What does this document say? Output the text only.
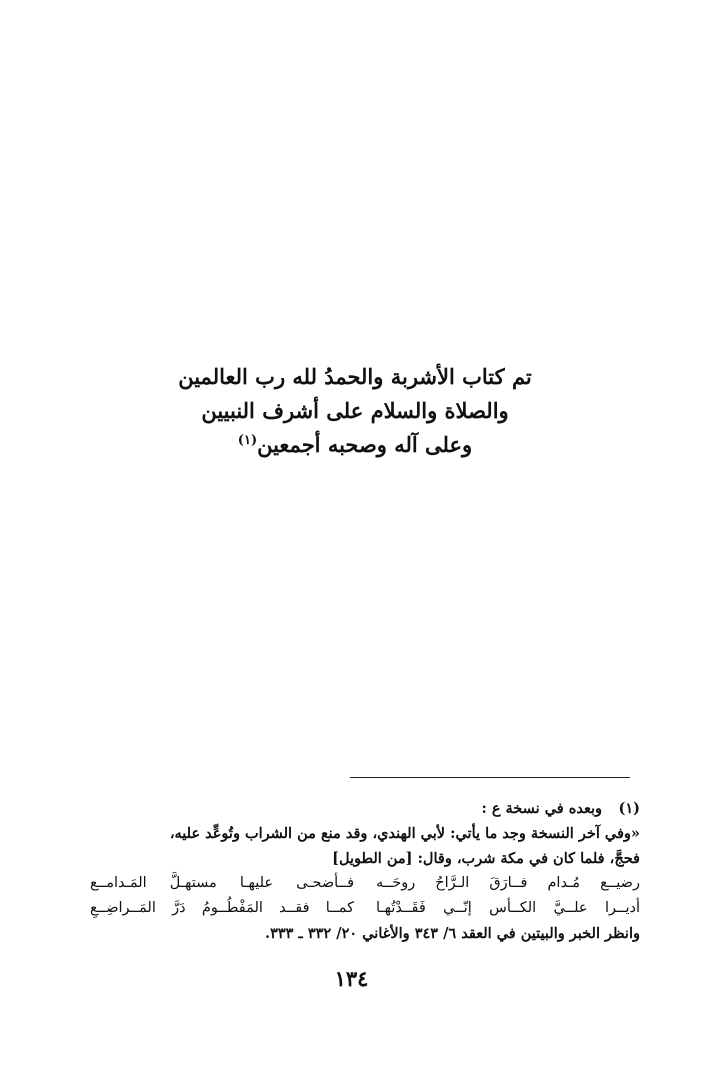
تم كتاب الأشربة والحمدُ لله رب العالمين
والصلاة والسلام على أشرف النبيين
وعلى آله وصحبه أجمعين$^{(١)}$
(١)
وبعده في نسخة ع :
«وفي آخر النسخة وجد ما يأتي: لأبي الهندي، وقد منع من الشراب وتُوعِّد عليه،
فحجَّ، فلما كان في مكة شرب، وقال: [من الطويل]
رضيــع مُـدام فــارَقَ الـرَّاحُ روحَــه
فــأضحـى عليهـا مستهـلَّ المَـدامــع
أديــرا علــيَّ الكــأس إنّــي فَقَــدْتُهـا
كمــا فقــد المَفْطُــومُ دَرَّ المَــراضِــعِ
وانظر الخبر والبيتين في العقد ٦/ ٣٤٣ والأغاني ٢٠/ ٣٣٢ ـ ٣٣٣.
١٣٤
